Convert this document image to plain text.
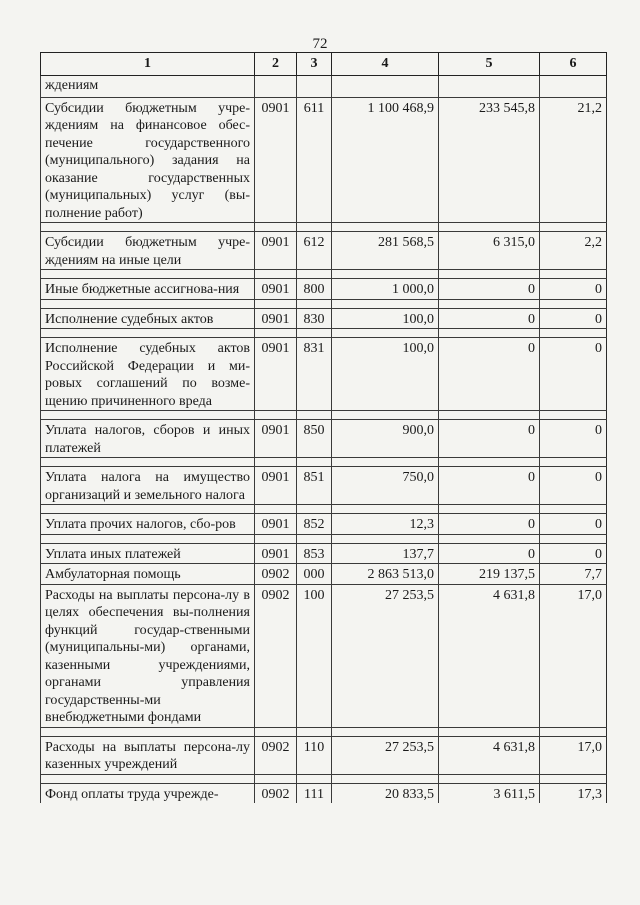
72
1	2	3	4	5	6
ждениям					
Субсидии бюджетным учре-ждениям на финансовое обес-печение государственного (муниципального) задания на оказание государственных (муниципальных) услуг (вы-полнение работ)	0901	611	1 100 468,9	233 545,8	21,2

Субсидии бюджетным учре-ждениям на иные цели	0901	612	281 568,5	6 315,0	2,2

Иные бюджетные ассигнова-ния	0901	800	1 000,0	0	0

Исполнение судебных актов	0901	830	100,0	0	0

Исполнение судебных актов Российской Федерации и ми-ровых соглашений по возме-щению причиненного вреда	0901	831	100,0	0	0

Уплата налогов, сборов и иных платежей	0901	850	900,0	0	0

Уплата налога на имущество организаций и земельного налога	0901	851	750,0	0	0

Уплата прочих налогов, сбо-ров	0901	852	12,3	0	0

Уплата иных платежей	0901	853	137,7	0	0
Амбулаторная помощь	0902	000	2 863 513,0	219 137,5	7,7
Расходы на выплаты персона-лу в целях обеспечения вы-полнения функций государ-ственными (муниципальны-ми) органами, казенными учреждениями, органами управления государственны-ми внебюджетными фондами	0902	100	27 253,5	4 631,8	17,0

Расходы на выплаты персона-лу казенных учреждений	0902	110	27 253,5	4 631,8	17,0

Фонд оплаты труда учрежде-	0902	111	20 833,5	3 611,5	17,3
